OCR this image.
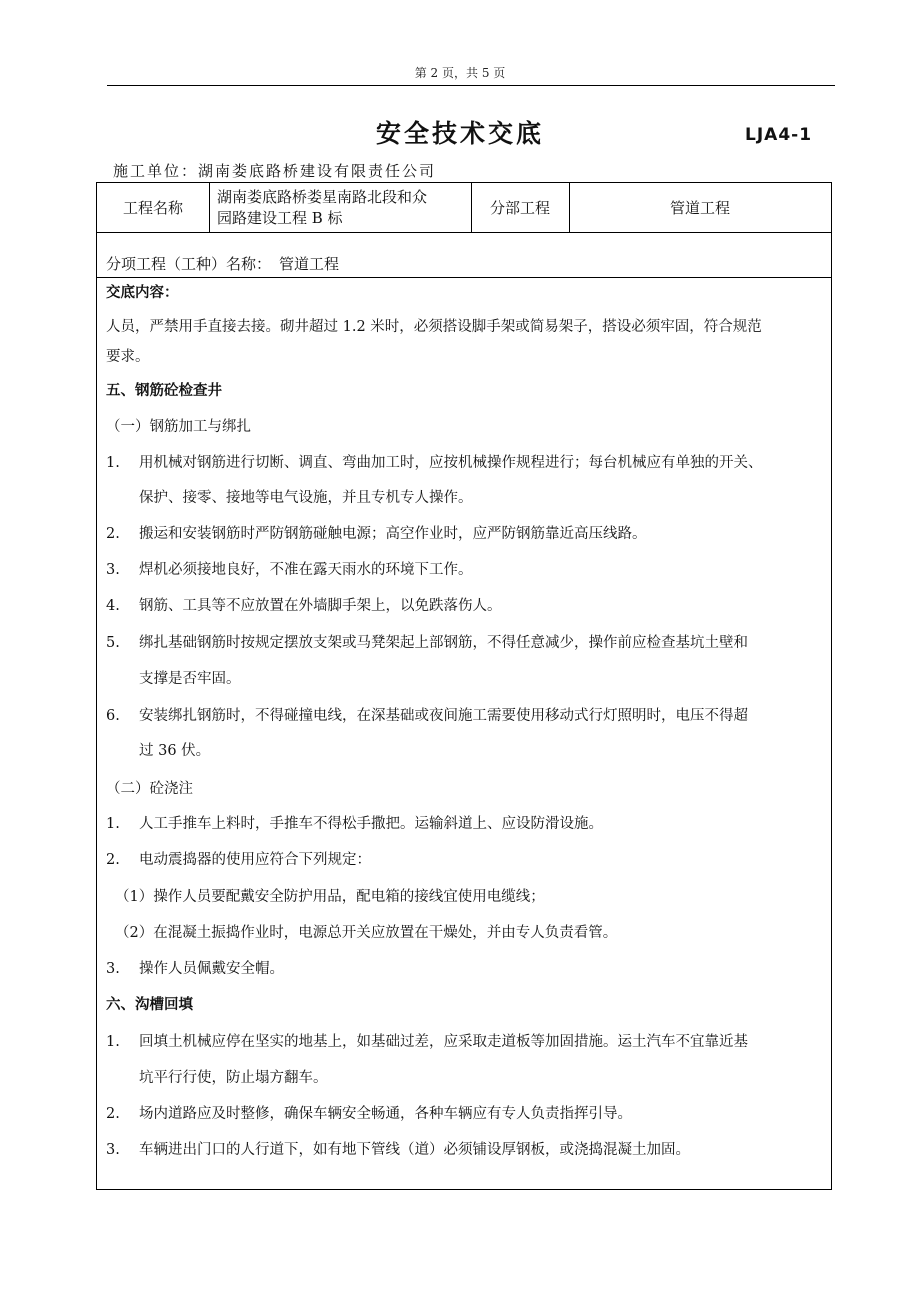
第 2 页，共 5 页
安全技术交底	LJA4-1
施工单位：湖南娄底路桥建设有限责任公司
工程名称
湖南娄底路桥娄星南路北段和众
园路建设工程 B 标
分部工程	管道工程
分项工程（工种）名称： 管道工程
交底内容：
人员，严禁用手直接去接。砌井超过 1.2 米时，必须搭设脚手架或简易架子，搭设必须牢固，符合规范
要求。
五、钢筋砼检查井
（一）钢筋加工与绑扎
1. 用机械对钢筋进行切断、调直、弯曲加工时，应按机械操作规程进行；每台机械应有单独的开关、
保护、接零、接地等电气设施，并且专机专人操作。
2. 搬运和安装钢筋时严防钢筋碰触电源；高空作业时，应严防钢筋靠近高压线路。
3. 焊机必须接地良好，不准在露天雨水的环境下工作。
4. 钢筋、工具等不应放置在外墙脚手架上，以免跌落伤人。
5. 绑扎基础钢筋时按规定摆放支架或马凳架起上部钢筋，不得任意减少，操作前应检查基坑土壁和
支撑是否牢固。
6. 安装绑扎钢筋时，不得碰撞电线，在深基础或夜间施工需要使用移动式行灯照明时，电压不得超
过 36 伏。
（二）砼浇注
1. 人工手推车上料时，手推车不得松手撒把。运输斜道上、应设防滑设施。
2. 电动震捣器的使用应符合下列规定：
（1）操作人员要配戴安全防护用品，配电箱的接线宜使用电缆线；
（2）在混凝土振捣作业时，电源总开关应放置在干燥处，并由专人负责看管。
3. 操作人员佩戴安全帽。
六、沟槽回填
1. 回填土机械应停在坚实的地基上，如基础过差，应采取走道板等加固措施。运土汽车不宜靠近基
坑平行行使，防止塌方翻车。
2. 场内道路应及时整修，确保车辆安全畅通，各种车辆应有专人负责指挥引导。
3. 车辆进出门口的人行道下，如有地下管线（道）必须铺设厚钢板，或浇捣混凝土加固。
